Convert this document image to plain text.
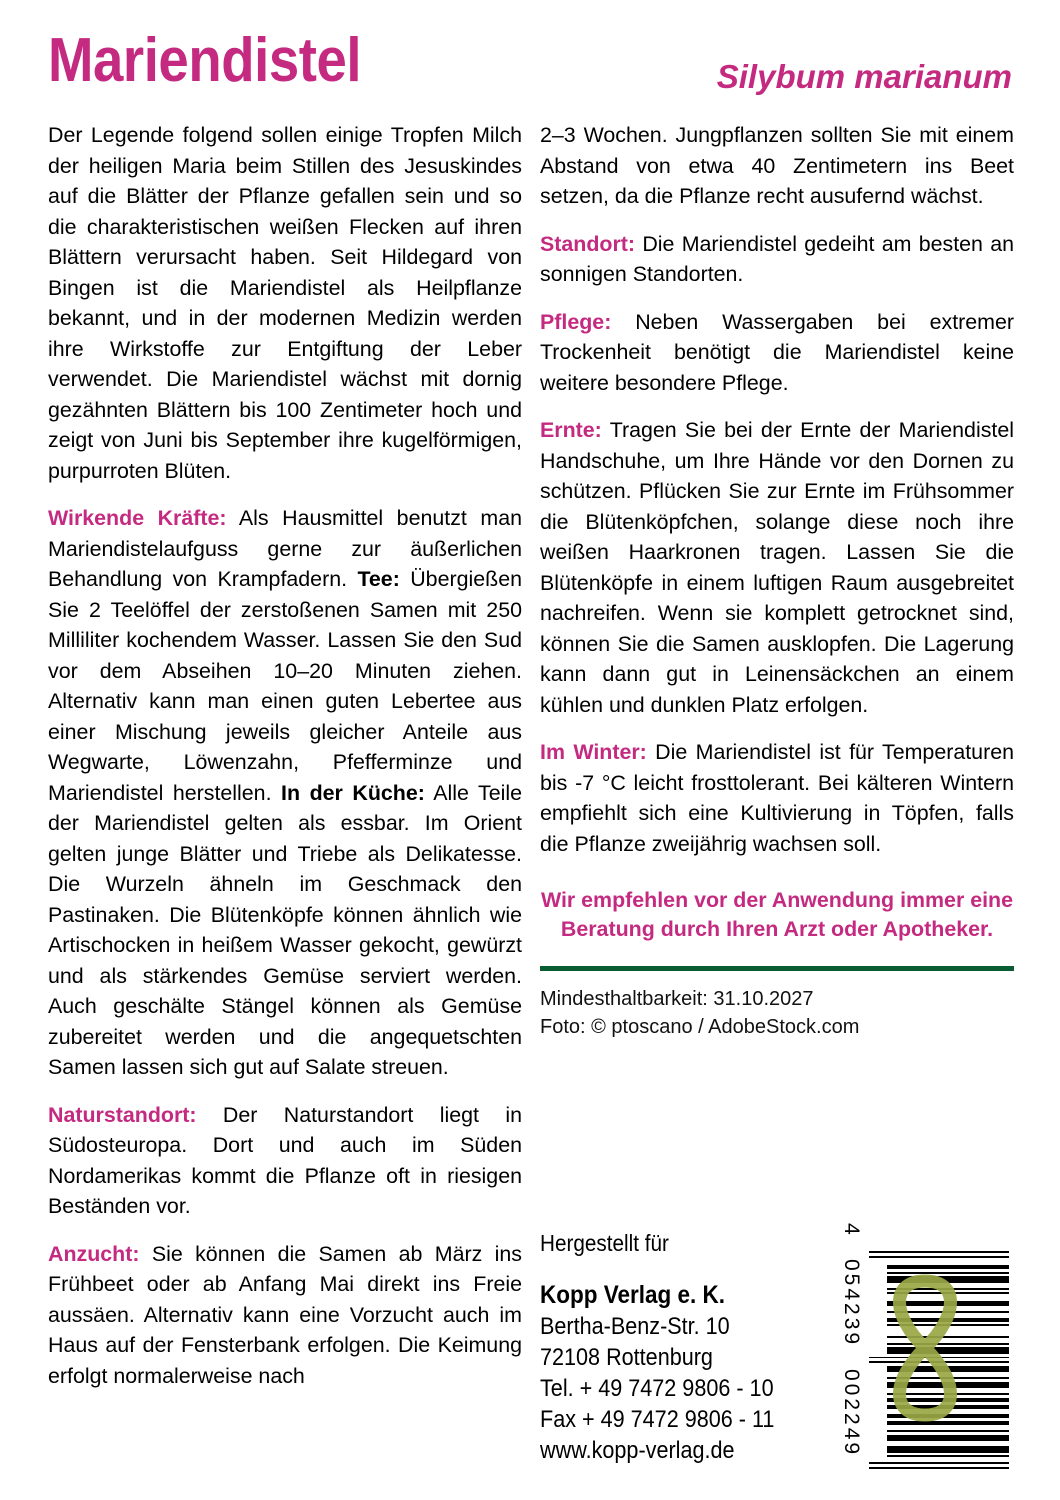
Mariendistel	Silybum marianum

Der Legende folgend sollen einige Tropfen Milch der heiligen Maria beim Stillen des Jesuskindes auf die Blätter der Pflanze gefallen sein und so die charakteristischen weißen Flecken auf ihren Blättern verursacht haben. Seit Hildegard von Bingen ist die Mariendistel als Heilpflanze bekannt, und in der modernen Medizin werden ihre Wirkstoffe zur Entgiftung der Leber verwendet. Die Mariendistel wächst mit dornig gezähnten Blättern bis 100 Zentimeter hoch und zeigt von Juni bis September ihre kugelförmigen, purpurroten Blüten.

Wirkende Kräfte: Als Hausmittel benutzt man Mariendistelaufguss gerne zur äußerlichen Behandlung von Krampfadern. Tee: Übergießen Sie 2 Teelöffel der zerstoßenen Samen mit 250 Milliliter kochendem Wasser. Lassen Sie den Sud vor dem Abseihen 10–20 Minuten ziehen. Alternativ kann man einen guten Lebertee aus einer Mischung jeweils gleicher Anteile aus Wegwarte, Löwenzahn, Pfefferminze und Mariendistel herstellen. In der Küche: Alle Teile der Mariendistel gelten als essbar. Im Orient gelten junge Blätter und Triebe als Delikatesse. Die Wurzeln ähneln im Geschmack den Pastinaken. Die Blütenköpfe können ähnlich wie Artischocken in heißem Wasser gekocht, gewürzt und als stärkendes Gemüse serviert werden. Auch geschälte Stängel können als Gemüse zubereitet werden und die angequetschten Samen lassen sich gut auf Salate streuen.

Naturstandort: Der Naturstandort liegt in Südosteuropa. Dort und auch im Süden Nordamerikas kommt die Pflanze oft in riesigen Beständen vor.

Anzucht: Sie können die Samen ab März ins Frühbeet oder ab Anfang Mai direkt ins Freie aussäen. Alternativ kann eine Vorzucht auch im Haus auf der Fensterbank erfolgen. Die Keimung erfolgt normalerweise nach

2–3 Wochen. Jungpflanzen sollten Sie mit einem Abstand von etwa 40 Zentimetern ins Beet setzen, da die Pflanze recht ausufernd wächst.

Standort: Die Mariendistel gedeiht am besten an sonnigen Standorten.

Pflege: Neben Wassergaben bei extremer Trockenheit benötigt die Mariendistel keine weitere besondere Pflege.

Ernte: Tragen Sie bei der Ernte der Mariendistel Handschuhe, um Ihre Hände vor den Dornen zu schützen. Pflücken Sie zur Ernte im Frühsommer die Blütenköpfchen, solange diese noch ihre weißen Haarkronen tragen. Lassen Sie die Blütenköpfe in einem luftigen Raum ausgebreitet nachreifen. Wenn sie komplett getrocknet sind, können Sie die Samen ausklopfen. Die Lagerung kann dann gut in Leinensäckchen an einem kühlen und dunklen Platz erfolgen.

Im Winter: Die Mariendistel ist für Temperaturen bis -7 °C leicht frosttolerant. Bei kälteren Wintern empfiehlt sich eine Kultivierung in Töpfen, falls die Pflanze zweijährig wachsen soll.

Wir empfehlen vor der Anwendung immer eine Beratung durch Ihren Arzt oder Apotheker.

Mindesthaltbarkeit: 31.10.2027

Foto: © ptoscano / AdobeStock.com

Hergestellt für

Kopp Verlag e. K.

Bertha-Benz-Str. 10

72108 Rottenburg

Tel. + 49 7472 9806 - 10

Fax + 49 7472 9806 - 11

www.kopp-verlag.de

4
054239
002249
